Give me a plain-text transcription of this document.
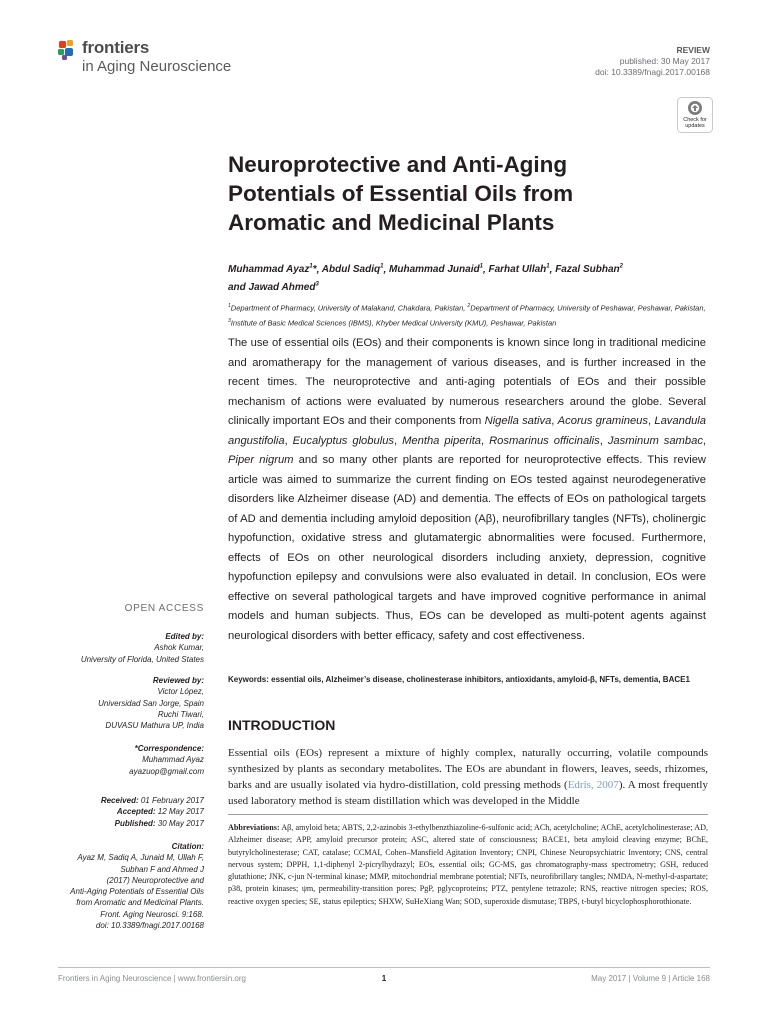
frontiers
in Aging Neuroscience
REVIEW
published: 30 May 2017
doi: 10.3389/fnagi.2017.00168
Check for
updates
Neuroprotective and Anti-Aging
Potentials of Essential Oils from
Aromatic and Medicinal Plants
Muhammad Ayaz$^1$*, Abdul Sadiq$^1$, Muhammad Junaid$^1$, Farhat Ullah$^1$, Fazal Subhan$^2$
and Jawad Ahmed$^3$
$^1$Department of Pharmacy, University of Malakand, Chakdara, Pakistan, $^2$Department of Pharmacy, University of Peshawar, Peshawar, Pakistan, $^3$Institute of Basic Medical Sciences (IBMS), Khyber Medical University (KMU), Peshawar, Pakistan
The use of essential oils (EOs) and their components is known since long in traditional medicine and aromatherapy for the management of various diseases, and is further increased in the recent times. The neuroprotective and anti-aging potentials of EOs and their possible mechanism of actions were evaluated by numerous researchers around the globe. Several clinically important EOs and their components from Nigella sativa, Acorus gramineus, Lavandula angustifolia, Eucalyptus globulus, Mentha piperita, Rosmarinus officinalis, Jasminum sambac, Piper nigrum and so many other plants are reported for neuroprotective effects. This review article was aimed to summarize the current finding on EOs tested against neurodegenerative disorders like Alzheimer disease (AD) and dementia. The effects of EOs on pathological targets of AD and dementia including amyloid deposition (Aβ), neurofibrillary tangles (NFTs), cholinergic hypofunction, oxidative stress and glutamatergic abnormalities were focused. Furthermore, effects of EOs on other neurological disorders including anxiety, depression, cognitive hypofunction epilepsy and convulsions were also evaluated in detail. In conclusion, EOs were effective on several pathological targets and have improved cognitive performance in animal models and human subjects. Thus, EOs can be developed as multi-potent agents against neurological disorders with better efficacy, safety and cost effectiveness.
Keywords: essential oils, Alzheimer’s disease, cholinesterase inhibitors, antioxidants, amyloid-β, NFTs, dementia, BACE1
INTRODUCTION
Essential oils (EOs) represent a mixture of highly complex, naturally occurring, volatile compounds synthesized by plants as secondary metabolites. The EOs are abundant in flowers, leaves, seeds, rhizomes, barks and are usually isolated via hydro-distillation, cold pressing methods (Edris, 2007). A most frequently used laboratory method is steam distillation which was developed in the Middle
Abbreviations: Aβ, amyloid beta; ABTS, 2,2-azinobis 3-ethylbenzthiazoline-6-sulfonic acid; ACh, acetylcholine; AChE, acetylcholinesterase; AD, Alzheimer disease; APP, amyloid precursor protein; ASC, altered state of consciousness; BACE1, beta amyloid cleaving enzyme; BChE, butyrylcholinesterase; CAT, catalase; CCMAI, Cohen–Mansfield Agitation Inventory; CNPI, Chinese Neuropsychiatric Inventory; CNS, central nervous system; DPPH, 1,1-diphenyl 2-picrylhydrazyl; EOs, essential oils; GC-MS, gas chromatography-mass spectrometry; GSH, reduced glutathione; JNK, c-jun N-terminal kinase; MMP, mitochondrial membrane potential; NFTs, neurofibrillary tangles; NMDA, N-methyl-d-aspartate; p38, protein kinases; ψm, permeability-transition pores; PgP, pglycoproteins; PTZ, pentylene tetrazole; RNS, reactive nitrogen species; ROS, reactive oxygen species; SE, status epileptics; SHXW, SuHeXiang Wan; SOD, superoxide dismutase; TBPS, t-butyl bicyclophosphorothionate.
OPEN ACCESS
Edited by:
Ashok Kumar,
University of Florida, United States
Reviewed by:
Victor López,
Universidad San Jorge, Spain
Ruchi Tiwari,
DUVASU Mathura UP, India
*Correspondence:
Muhammad Ayaz
ayazuop@gmail.com
Received: 01 February 2017
Accepted: 12 May 2017
Published: 30 May 2017
Citation:
Ayaz M, Sadiq A, Junaid M, Ullah F,
Subhan F and Ahmed J
(2017) Neuroprotective and
Anti-Aging Potentials of Essential Oils
from Aromatic and Medicinal Plants.
Front. Aging Neurosci. 9:168.
doi: 10.3389/fnagi.2017.00168
Frontiers in Aging Neuroscience | www.frontiersin.org	1	May 2017 | Volume 9 | Article 168
